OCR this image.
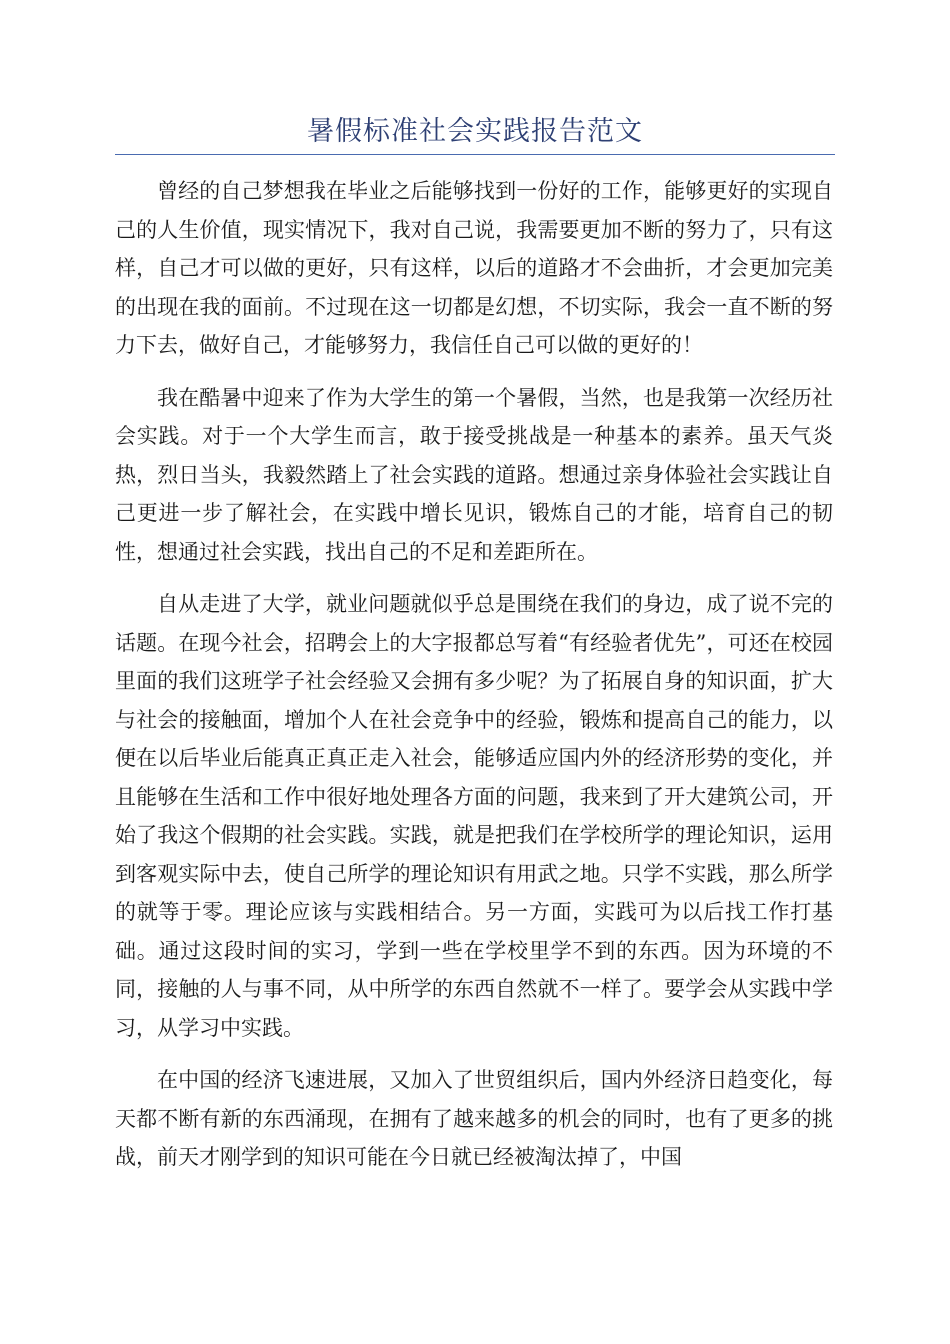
暑假标准社会实践报告范文

曾经的自己梦想我在毕业之后能够找到一份好的工作，能够更好的实现自己的人生价值，现实情况下，我对自己说，我需要更加不断的努力了，只有这样，自己才可以做的更好，只有这样，以后的道路才不会曲折，才会更加完美的出现在我的面前。不过现在这一切都是幻想，不切实际，我会一直不断的努力下去，做好自己，才能够努力，我信任自己可以做的更好的！

我在酷暑中迎来了作为大学生的第一个暑假，当然，也是我第一次经历社会实践。对于一个大学生而言，敢于接受挑战是一种基本的素养。虽天气炎热，烈日当头，我毅然踏上了社会实践的道路。想通过亲身体验社会实践让自己更进一步了解社会，在实践中增长见识，锻炼自己的才能，培育自己的韧性，想通过社会实践，找出自己的不足和差距所在。

自从走进了大学，就业问题就似乎总是围绕在我们的身边，成了说不完的话题。在现今社会，招聘会上的大字报都总写着“有经验者优先”，可还在校园里面的我们这班学子社会经验又会拥有多少呢？为了拓展自身的知识面，扩大与社会的接触面，增加个人在社会竞争中的经验，锻炼和提高自己的能力，以便在以后毕业后能真正真正走入社会，能够适应国内外的经济形势的变化，并且能够在生活和工作中很好地处理各方面的问题，我来到了开大建筑公司，开始了我这个假期的社会实践。实践，就是把我们在学校所学的理论知识，运用到客观实际中去，使自己所学的理论知识有用武之地。只学不实践，那么所学的就等于零。理论应该与实践相结合。另一方面，实践可为以后找工作打基础。通过这段时间的实习，学到一些在学校里学不到的东西。因为环境的不同，接触的人与事不同，从中所学的东西自然就不一样了。要学会从实践中学习，从学习中实践。

在中国的经济飞速进展，又加入了世贸组织后，国内外经济日趋变化，每天都不断有新的东西涌现，在拥有了越来越多的机会的同时，也有了更多的挑战，前天才刚学到的知识可能在今日就已经被淘汰掉了，中国
